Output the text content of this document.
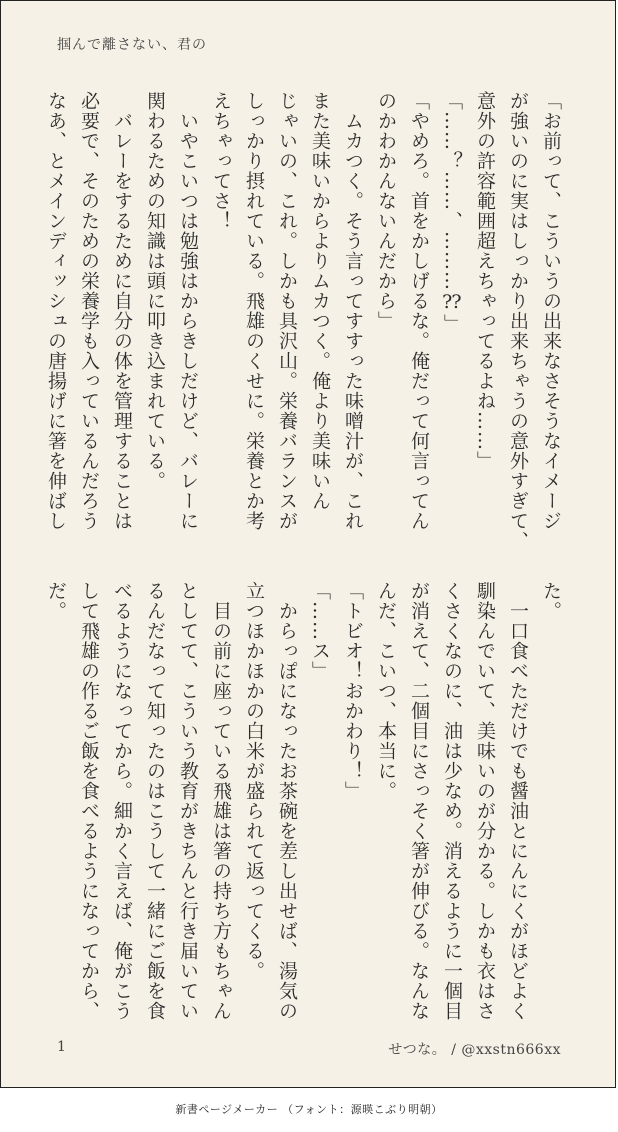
掴んで離さない、君の
「お前って、こういうの出来なさそうなイメージ
が強いのに実はしっかり出来ちゃうの意外すぎて、
意外の許容範囲超えちゃってるよね……」
「……？……、………⁇」
「やめろ。首をかしげるな。俺だって何言ってん
のかわかんないんだから」
　ムカつく。そう言ってすすった味噌汁が、これ
また美味いからよりムカつく。俺より美味いん
じゃいの、これ。しかも具沢山。栄養バランスが
しっかり摂れている。飛雄のくせに。栄養とか考
えちゃってさ！
　いやこいつは勉強はからきしだけど、バレーに
関わるための知識は頭に叩き込まれている。
　バレーをするために自分の体を管理することは
必要で、そのための栄養学も入っているんだろう
なあ、とメインディッシュの唐揚げに箸を伸ばし
た。
　一口食べただけでも醤油とにんにくがほどよく
馴染んでいて、美味いのが分かる。しかも衣はさ
くさくなのに、油は少なめ。消えるように一個目
が消えて、二個目にさっそく箸が伸びる。なんな
んだ、こいつ、本当に。
「トビオ！おかわり！」
「……ス」
　からっぽになったお茶碗を差し出せば、湯気の
立つほかほかの白米が盛られて返ってくる。
　目の前に座っている飛雄は箸の持ち方もちゃん
としてて、こういう教育がきちんと行き届いてい
るんだなって知ったのはこうして一緒にご飯を食
べるようになってから。細かく言えば、俺がこう
して飛雄の作るご飯を食べるようになってから、
だ。
1	せつな。 / @xxstn666xx
新書ページメーカー （フォント：源暎こぶり明朝）
